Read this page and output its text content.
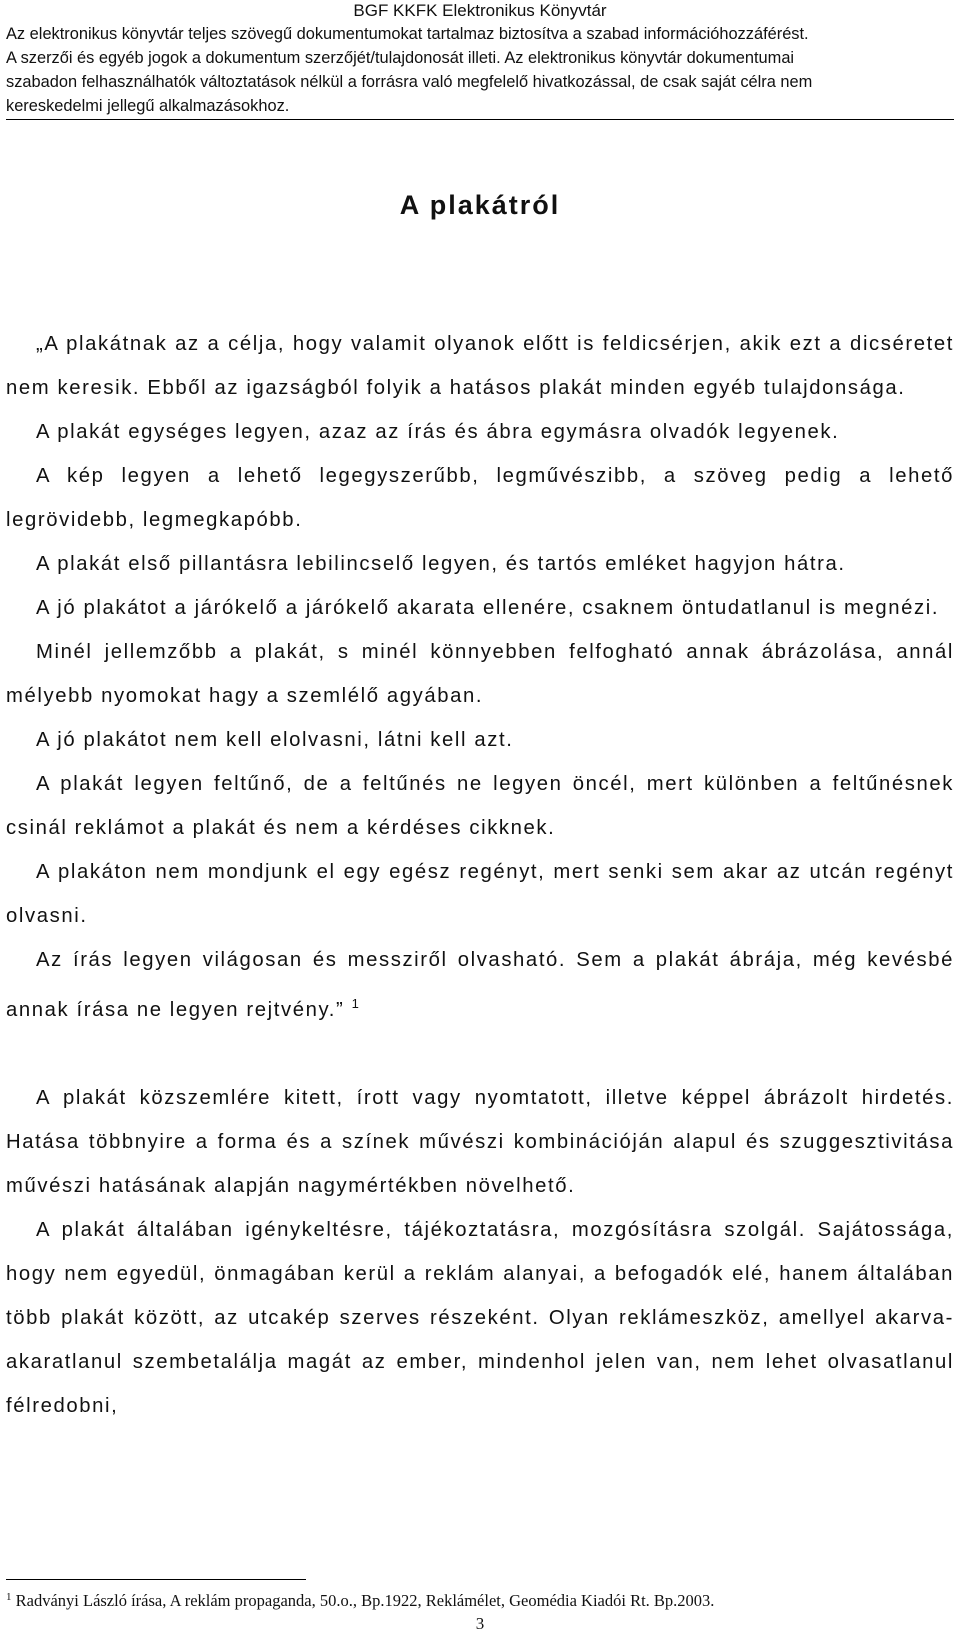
BGF KKFK Elektronikus Könyvtár
Az elektronikus könyvtár teljes szövegű dokumentumokat tartalmaz biztosítva a szabad információhozzáférést.
A szerzői és egyéb jogok a dokumentum szerzőjét/tulajdonosát illeti. Az elektronikus könyvtár dokumentumai
szabadon felhasználhatók változtatások nélkül a forrásra való megfelelő hivatkozással, de csak saját célra nem
kereskedelmi jellegű alkalmazásokhoz.
A plakátról

„A plakátnak az a célja, hogy valamit olyanok előtt is feldicsérjen, akik ezt a dicséretet nem keresik. Ebből az igazságból folyik a hatásos plakát minden egyéb tulajdonsága.

A plakát egységes legyen, azaz az írás és ábra egymásra olvadók legyenek.

A kép legyen a lehető legegyszerűbb, legművészibb, a szöveg pedig a lehető legrövidebb, legmegkapóbb.

A plakát első pillantásra lebilincselő legyen, és tartós emléket hagyjon hátra.

A jó plakátot a járókelő a járókelő akarata ellenére, csaknem öntudatlanul is megnézi.

Minél jellemzőbb a plakát, s minél könnyebben felfogható annak ábrázolása, annál mélyebb nyomokat hagy a szemlélő agyában.

A jó plakátot nem kell elolvasni, látni kell azt.

A plakát legyen feltűnő, de a feltűnés ne legyen öncél, mert különben a feltűnésnek csinál reklámot a plakát és nem a kérdéses cikknek.

A plakáton nem mondjunk el egy egész regényt, mert senki sem akar az utcán regényt olvasni.

Az írás legyen világosan és messziről olvasható. Sem a plakát ábrája, még kevésbé annak írása ne legyen rejtvény.” $^1$

A plakát közszemlére kitett, írott vagy nyomtatott, illetve képpel ábrázolt hirdetés. Hatása többnyire a forma és a színek művészi kombinációján alapul és szuggesztivitása művészi hatásának alapján nagymértékben növelhető.

A plakát általában igénykeltésre, tájékoztatásra, mozgósításra szolgál. Sajátossága, hogy nem egyedül, önmagában kerül a reklám alanyai, a befogadók elé, hanem általában több plakát között, az utcakép szerves részeként. Olyan reklámeszköz, amellyel akarva-akaratlanul szembetalálja magát az ember, mindenhol jelen van, nem lehet olvasatlanul félredobni,

$^1$ Radványi László írása, A reklám propaganda, 50.o., Bp.1922, Reklámélet, Geomédia Kiadói Rt. Bp.2003.
3
